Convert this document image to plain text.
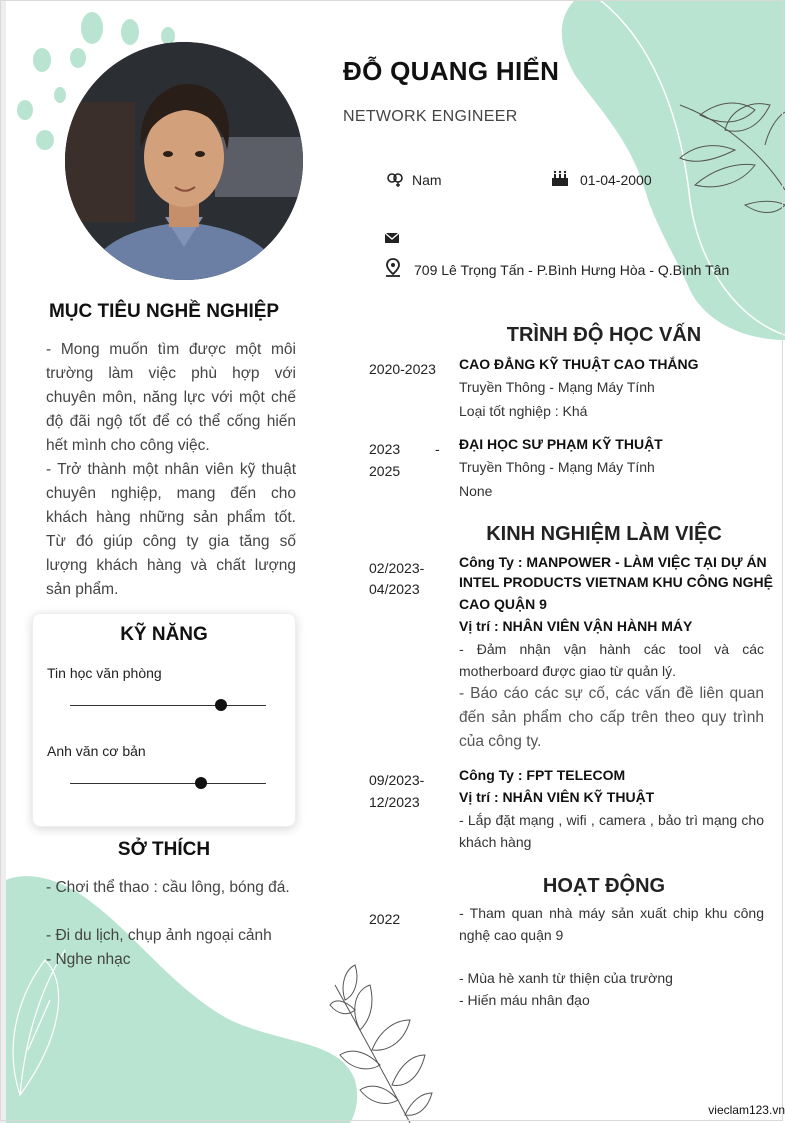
ĐỖ QUANG HIỂN
NETWORK ENGINEER
Nam	01-04-2000
709 Lê Trọng Tấn - P.Bình Hưng Hòa - Q.Bình Tân
MỤC TIÊU NGHỀ NGHIỆP
- Mong muốn tìm được một môi trường làm việc phù hợp với chuyên môn, năng lực với một chế độ đãi ngộ tốt để có thể cống hiến hết mình cho công việc.
- Trở thành một nhân viên kỹ thuật chuyên nghiệp, mang đến cho khách hàng những sản phẩm tốt. Từ đó giúp công ty gia tăng số lượng khách hàng và chất lượng sản phẩm.
KỸ NĂNG
Tin học văn phòng
Anh văn cơ bản
SỞ THÍCH
- Chơi thể thao : cầu lông, bóng đá.
- Đi du lịch, chụp ảnh ngoại cảnh
- Nghe nhạc
TRÌNH ĐỘ HỌC VẤN
2020-2023 CAO ĐẲNG KỸ THUẬT CAO THẮNG
Truyền Thông - Mạng Máy Tính
Loại tốt nghiệp : Khá
2023 -
2025
ĐẠI HỌC SƯ PHẠM KỸ THUẬT
Truyền Thông - Mạng Máy Tính
None
KINH NGHIỆM LÀM VIỆC
02/2023-
04/2023
Công Ty : MANPOWER - LÀM VIỆC TẠI DỰ ÁN
INTEL PRODUCTS VIETNAM KHU CÔNG NGHỆ
CAO QUẬN 9
Vị trí : NHÂN VIÊN VẬN HÀNH MÁY
- Đảm nhận vận hành các tool và các motherboard được giao từ quản lý.
- Báo cáo các sự cố, các vấn đề liên quan đến sản phẩm cho cấp trên theo quy trình của công ty.
09/2023-
12/2023
Công Ty : FPT TELECOM
Vị trí : NHÂN VIÊN KỸ THUẬT
- Lắp đặt mạng , wifi , camera , bảo trì mạng cho khách hàng
HOẠT ĐỘNG
2022	- Tham quan nhà máy sản xuất chip khu công nghệ cao quận 9
- Mùa hè xanh từ thiện của trường
- Hiến máu nhân đạo
vieclam123.vn
